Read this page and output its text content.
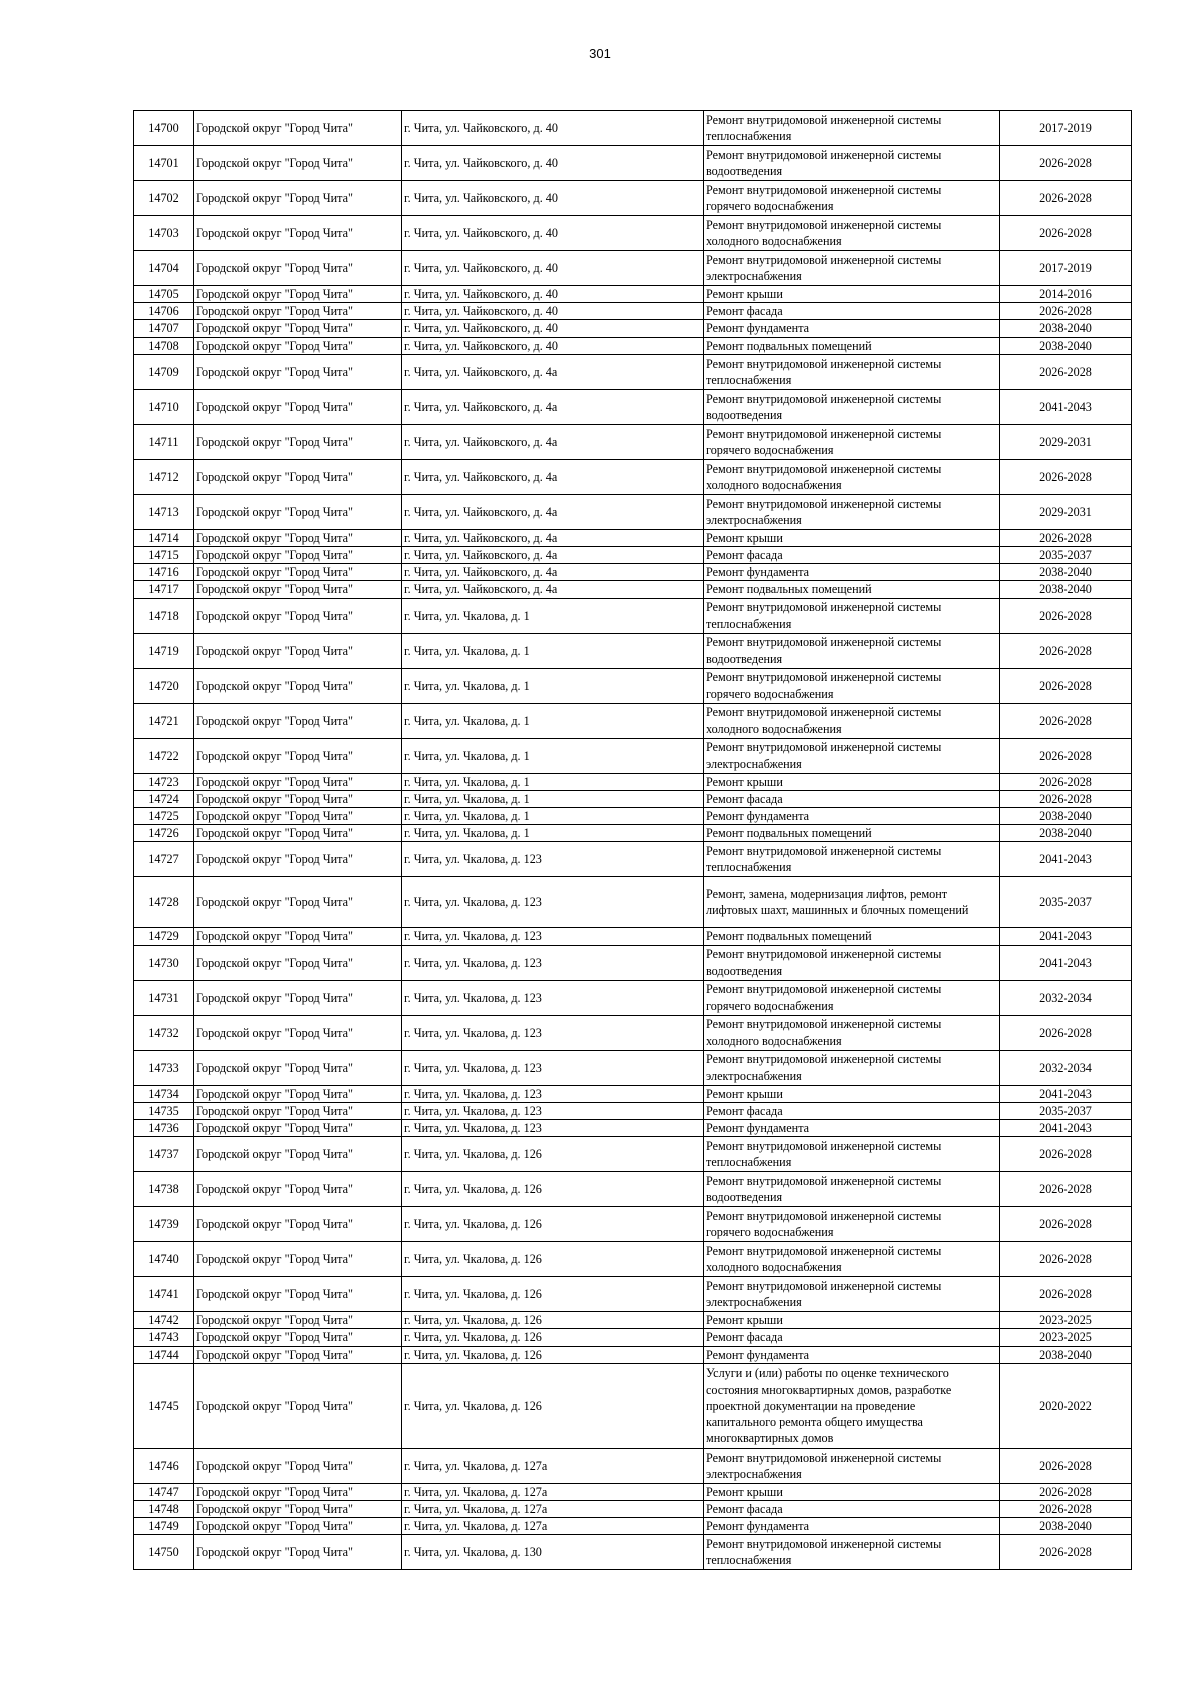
301
14700	Городской округ "Город Чита"	г. Чита, ул. Чайковского, д. 40	Ремонт внутридомовой инженерной системы
теплоснабжения	2017-2019
14701	Городской округ "Город Чита"	г. Чита, ул. Чайковского, д. 40	Ремонт внутридомовой инженерной системы
водоотведения	2026-2028
14702	Городской округ "Город Чита"	г. Чита, ул. Чайковского, д. 40	Ремонт внутридомовой инженерной системы
горячего водоснабжения	2026-2028
14703	Городской округ "Город Чита"	г. Чита, ул. Чайковского, д. 40	Ремонт внутридомовой инженерной системы
холодного водоснабжения	2026-2028
14704	Городской округ "Город Чита"	г. Чита, ул. Чайковского, д. 40	Ремонт внутридомовой инженерной системы
электроснабжения	2017-2019
14705	Городской округ "Город Чита"	г. Чита, ул. Чайковского, д. 40	Ремонт крыши	2014-2016
14706	Городской округ "Город Чита"	г. Чита, ул. Чайковского, д. 40	Ремонт фасада	2026-2028
14707	Городской округ "Город Чита"	г. Чита, ул. Чайковского, д. 40	Ремонт фундамента	2038-2040
14708	Городской округ "Город Чита"	г. Чита, ул. Чайковского, д. 40	Ремонт подвальных помещений	2038-2040
14709	Городской округ "Город Чита"	г. Чита, ул. Чайковского, д. 4а	Ремонт внутридомовой инженерной системы
теплоснабжения	2026-2028
14710	Городской округ "Город Чита"	г. Чита, ул. Чайковского, д. 4а	Ремонт внутридомовой инженерной системы
водоотведения	2041-2043
14711	Городской округ "Город Чита"	г. Чита, ул. Чайковского, д. 4а	Ремонт внутридомовой инженерной системы
горячего водоснабжения	2029-2031
14712	Городской округ "Город Чита"	г. Чита, ул. Чайковского, д. 4а	Ремонт внутридомовой инженерной системы
холодного водоснабжения	2026-2028
14713	Городской округ "Город Чита"	г. Чита, ул. Чайковского, д. 4а	Ремонт внутридомовой инженерной системы
электроснабжения	2029-2031
14714	Городской округ "Город Чита"	г. Чита, ул. Чайковского, д. 4а	Ремонт крыши	2026-2028
14715	Городской округ "Город Чита"	г. Чита, ул. Чайковского, д. 4а	Ремонт фасада	2035-2037
14716	Городской округ "Город Чита"	г. Чита, ул. Чайковского, д. 4а	Ремонт фундамента	2038-2040
14717	Городской округ "Город Чита"	г. Чита, ул. Чайковского, д. 4а	Ремонт подвальных помещений	2038-2040
14718	Городской округ "Город Чита"	г. Чита, ул. Чкалова, д. 1	Ремонт внутридомовой инженерной системы
теплоснабжения	2026-2028
14719	Городской округ "Город Чита"	г. Чита, ул. Чкалова, д. 1	Ремонт внутридомовой инженерной системы
водоотведения	2026-2028
14720	Городской округ "Город Чита"	г. Чита, ул. Чкалова, д. 1	Ремонт внутридомовой инженерной системы
горячего водоснабжения	2026-2028
14721	Городской округ "Город Чита"	г. Чита, ул. Чкалова, д. 1	Ремонт внутридомовой инженерной системы
холодного водоснабжения	2026-2028
14722	Городской округ "Город Чита"	г. Чита, ул. Чкалова, д. 1	Ремонт внутридомовой инженерной системы
электроснабжения	2026-2028
14723	Городской округ "Город Чита"	г. Чита, ул. Чкалова, д. 1	Ремонт крыши	2026-2028
14724	Городской округ "Город Чита"	г. Чита, ул. Чкалова, д. 1	Ремонт фасада	2026-2028
14725	Городской округ "Город Чита"	г. Чита, ул. Чкалова, д. 1	Ремонт фундамента	2038-2040
14726	Городской округ "Город Чита"	г. Чита, ул. Чкалова, д. 1	Ремонт подвальных помещений	2038-2040
14727	Городской округ "Город Чита"	г. Чита, ул. Чкалова, д. 123	Ремонт внутридомовой инженерной системы
теплоснабжения	2041-2043
14728	Городской округ "Город Чита"	г. Чита, ул. Чкалова, д. 123	Ремонт, замена, модернизация лифтов, ремонт
лифтовых шахт, машинных и блочных помещений	2035-2037
14729	Городской округ "Город Чита"	г. Чита, ул. Чкалова, д. 123	Ремонт подвальных помещений	2041-2043
14730	Городской округ "Город Чита"	г. Чита, ул. Чкалова, д. 123	Ремонт внутридомовой инженерной системы
водоотведения	2041-2043
14731	Городской округ "Город Чита"	г. Чита, ул. Чкалова, д. 123	Ремонт внутридомовой инженерной системы
горячего водоснабжения	2032-2034
14732	Городской округ "Город Чита"	г. Чита, ул. Чкалова, д. 123	Ремонт внутридомовой инженерной системы
холодного водоснабжения	2026-2028
14733	Городской округ "Город Чита"	г. Чита, ул. Чкалова, д. 123	Ремонт внутридомовой инженерной системы
электроснабжения	2032-2034
14734	Городской округ "Город Чита"	г. Чита, ул. Чкалова, д. 123	Ремонт крыши	2041-2043
14735	Городской округ "Город Чита"	г. Чита, ул. Чкалова, д. 123	Ремонт фасада	2035-2037
14736	Городской округ "Город Чита"	г. Чита, ул. Чкалова, д. 123	Ремонт фундамента	2041-2043
14737	Городской округ "Город Чита"	г. Чита, ул. Чкалова, д. 126	Ремонт внутридомовой инженерной системы
теплоснабжения	2026-2028
14738	Городской округ "Город Чита"	г. Чита, ул. Чкалова, д. 126	Ремонт внутридомовой инженерной системы
водоотведения	2026-2028
14739	Городской округ "Город Чита"	г. Чита, ул. Чкалова, д. 126	Ремонт внутридомовой инженерной системы
горячего водоснабжения	2026-2028
14740	Городской округ "Город Чита"	г. Чита, ул. Чкалова, д. 126	Ремонт внутридомовой инженерной системы
холодного водоснабжения	2026-2028
14741	Городской округ "Город Чита"	г. Чита, ул. Чкалова, д. 126	Ремонт внутридомовой инженерной системы
электроснабжения	2026-2028
14742	Городской округ "Город Чита"	г. Чита, ул. Чкалова, д. 126	Ремонт крыши	2023-2025
14743	Городской округ "Город Чита"	г. Чита, ул. Чкалова, д. 126	Ремонт фасада	2023-2025
14744	Городской округ "Город Чита"	г. Чита, ул. Чкалова, д. 126	Ремонт фундамента	2038-2040
14745	Городской округ "Город Чита"	г. Чита, ул. Чкалова, д. 126	Услуги и (или) работы по оценке технического
состояния многоквартирных домов, разработке
проектной документации на проведение
капитального ремонта общего имущества
многоквартирных домов	2020-2022
14746	Городской округ "Город Чита"	г. Чита, ул. Чкалова, д. 127а	Ремонт внутридомовой инженерной системы
электроснабжения	2026-2028
14747	Городской округ "Город Чита"	г. Чита, ул. Чкалова, д. 127а	Ремонт крыши	2026-2028
14748	Городской округ "Город Чита"	г. Чита, ул. Чкалова, д. 127а	Ремонт фасада	2026-2028
14749	Городской округ "Город Чита"	г. Чита, ул. Чкалова, д. 127а	Ремонт фундамента	2038-2040
14750	Городской округ "Город Чита"	г. Чита, ул. Чкалова, д. 130	Ремонт внутридомовой инженерной системы
теплоснабжения	2026-2028
